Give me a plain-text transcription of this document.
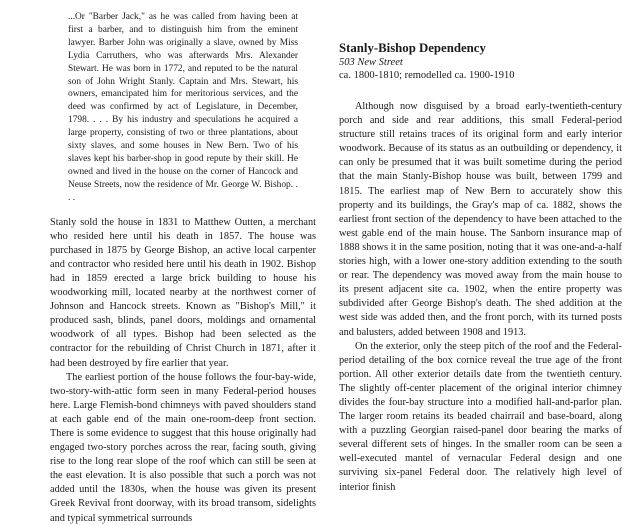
...Or "Barber Jack," as he was called from having been at first a barber, and to distinguish him from the eminent lawyer. Barber John was originally a slave, owned by Miss Lydia Carruthers, who was afterwards Mrs. Alexander Stewart. He was born in 1772, and reputed to be the natural son of John Wright Stanly. Captain and Mrs. Stewart, his owners, emancipated him for meritorious services, and the deed was confirmed by act of Legislature, in December, 1798. . . . By his industry and speculations he acquired a large property, consisting of two or three plantations, about sixty slaves, and some houses in New Bern. Two of his slaves kept his barber-shop in good repute by their skill. He owned and lived in the house on the corner of Hancock and Neuse Streets, now the residence of Mr. George W. Bishop. . . .

Stanly sold the house in 1831 to Matthew Outten, a merchant who resided here until his death in 1857. The house was purchased in 1875 by George Bishop, an active local carpenter and contractor who resided here until his death in 1902. Bishop had in 1859 erected a large brick building to house his woodworking mill, located nearby at the northwest corner of Johnson and Hancock streets. Known as "Bishop's Mill," it produced sash, blinds, panel doors, moldings and ornamental woodwork of all types. Bishop had been selected as the contractor for the rebuilding of Christ Church in 1871, after it had been destroyed by fire earlier that year.

The earliest portion of the house follows the four-bay-wide, two-story-with-attic form seen in many Federal-period houses here. Large Flemish-bond chimneys with paved shoulders stand at each gable end of the main one-room-deep front section. There is some evidence to suggest that this house originally had engaged two-story porches across the rear, facing south, giving rise to the long rear slope of the roof which can still be seen at the east elevation. It is also possible that such a porch was not added until the 1830s, when the house was given its present Greek Revival front doorway, with its broad transom, sidelights and typical symmetrical surrounds

Stanly-Bishop Dependency
503 New Street
ca. 1800-1810; remodelled ca. 1900-1910

Although now disguised by a broad early-twentieth-century porch and side and rear additions, this small Federal-period structure still retains traces of its original form and early interior woodwork. Because of its status as an outbuilding or dependency, it can only be presumed that it was built sometime during the period that the main Stanly-Bishop house was built, between 1799 and 1815. The earliest map of New Bern to accurately show this property and its buildings, the Gray's map of ca. 1882, shows the earliest front section of the dependency to have been attached to the west gable end of the main house. The Sanborn insurance map of 1888 shows it in the same position, noting that it was one-and-a-half stories high, with a lower one-story addition extending to the south or rear. The dependency was moved away from the main house to its present adjacent site ca. 1902, when the entire property was subdivided after George Bishop's death. The shed addition at the west side was added then, and the front porch, with its turned posts and balusters, added between 1908 and 1913.

On the exterior, only the steep pitch of the roof and the Federal-period detailing of the box cornice reveal the true age of the front portion. All other exterior details date from the twentieth century. The slightly off-center placement of the original interior chimney divides the four-bay structure into a modified hall-and-parlor plan. The larger room retains its beaded chairrail and base-board, along with a puzzling Georgian raised-panel door bearing the marks of several different sets of hinges. In the smaller room can be seen a well-executed mantel of vernacular Federal design and one surviving six-panel Federal door. The relatively high level of interior finish
